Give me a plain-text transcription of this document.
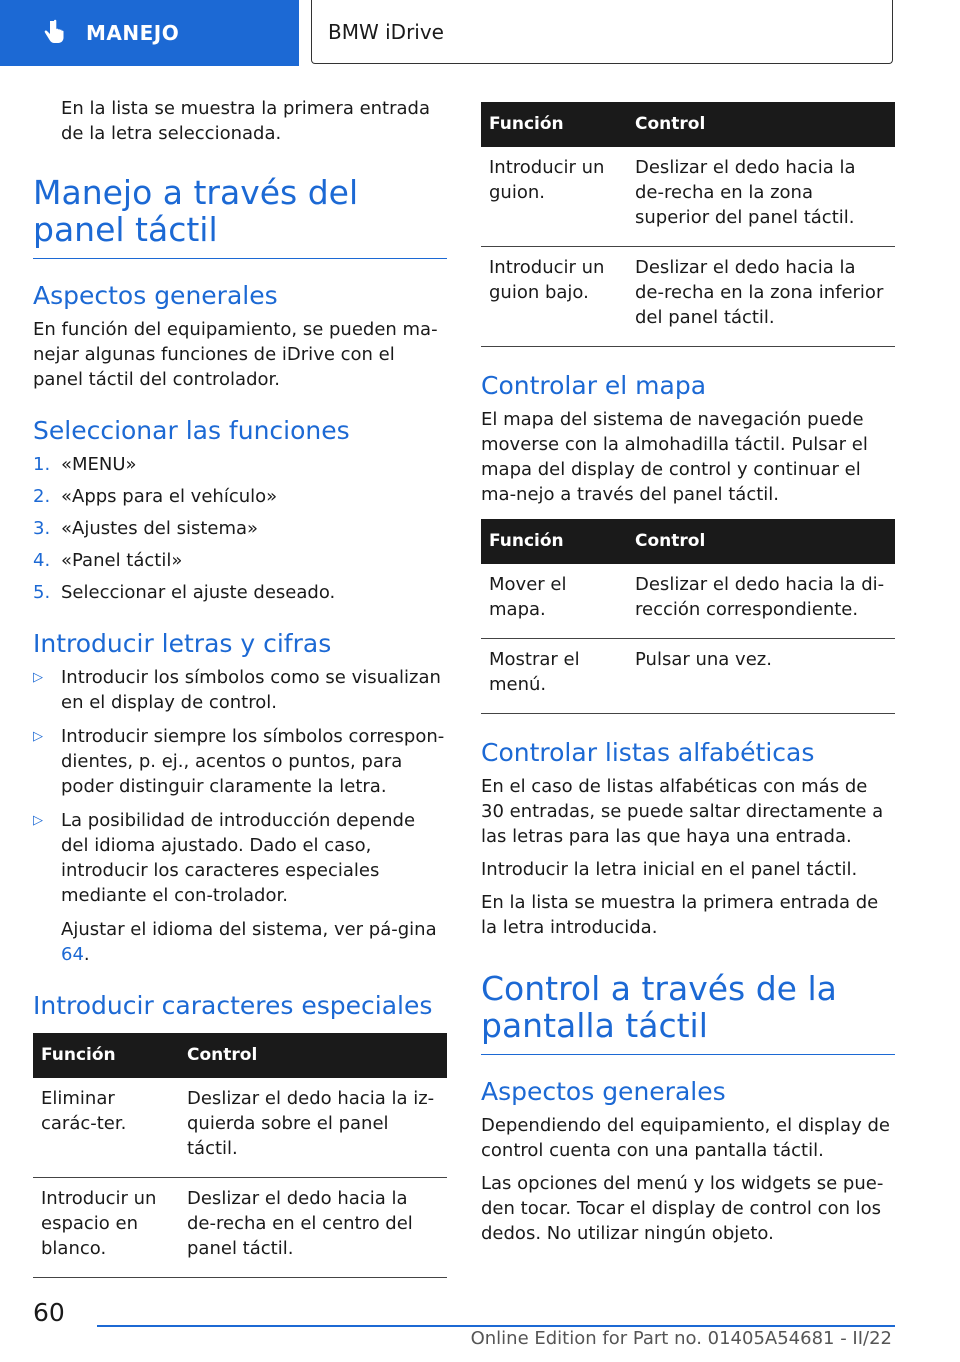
MANEJO	BMW iDrive

En la lista se muestra la primera entrada de la letra seleccionada.

Manejo a través del panel táctil
Aspectos generales

En función del equipamiento, se pueden ma-nejar algunas funciones de iDrive con el panel táctil del controlador.

Seleccionar las funciones
1. «MENU»
2. «Apps para el vehículo»
3. «Ajustes del sistema»
4. «Panel táctil»
5. Seleccionar el ajuste deseado.
Introducir letras y cifras
▷	Introducir los símbolos como se visualizan en el display de control.
▷	Introducir siempre los símbolos correspon-dientes, p. ej., acentos o puntos, para poder distinguir claramente la letra.
▷	La posibilidad de introducción depende del idioma ajustado. Dado el caso, introducir los caracteres especiales mediante el con-trolador.

Ajustar el idioma del sistema, ver pá-gina 64.

Introducir caracteres especiales
Función	Control
Eliminar carác-ter.	Deslizar el dedo hacia la iz-quierda sobre el panel táctil.
Introducir un espacio en blanco.	Deslizar el dedo hacia la de-recha en el centro del panel táctil.
Función	Control
Introducir un guion.	Deslizar el dedo hacia la de-recha en la zona superior del panel táctil.
Introducir un guion bajo.	Deslizar el dedo hacia la de-recha en la zona inferior del panel táctil.
Controlar el mapa

El mapa del sistema de navegación puede moverse con la almohadilla táctil. Pulsar el mapa del display de control y continuar el ma-nejo a través del panel táctil.

Función	Control
Mover el mapa.	Deslizar el dedo hacia la di-rección correspondiente.
Mostrar el menú.	Pulsar una vez.
Controlar listas alfabéticas

En el caso de listas alfabéticas con más de 30 entradas, se puede saltar directamente a las letras para las que haya una entrada.

Introducir la letra inicial en el panel táctil.

En la lista se muestra la primera entrada de la letra introducida.

Control a través de la pantalla táctil
Aspectos generales

Dependiendo del equipamiento, el display de control cuenta con una pantalla táctil.

Las opciones del menú y los widgets se pue-den tocar. Tocar el display de control con los dedos. No utilizar ningún objeto.

60
Online Edition for Part no. 01405A54681 - II/22
